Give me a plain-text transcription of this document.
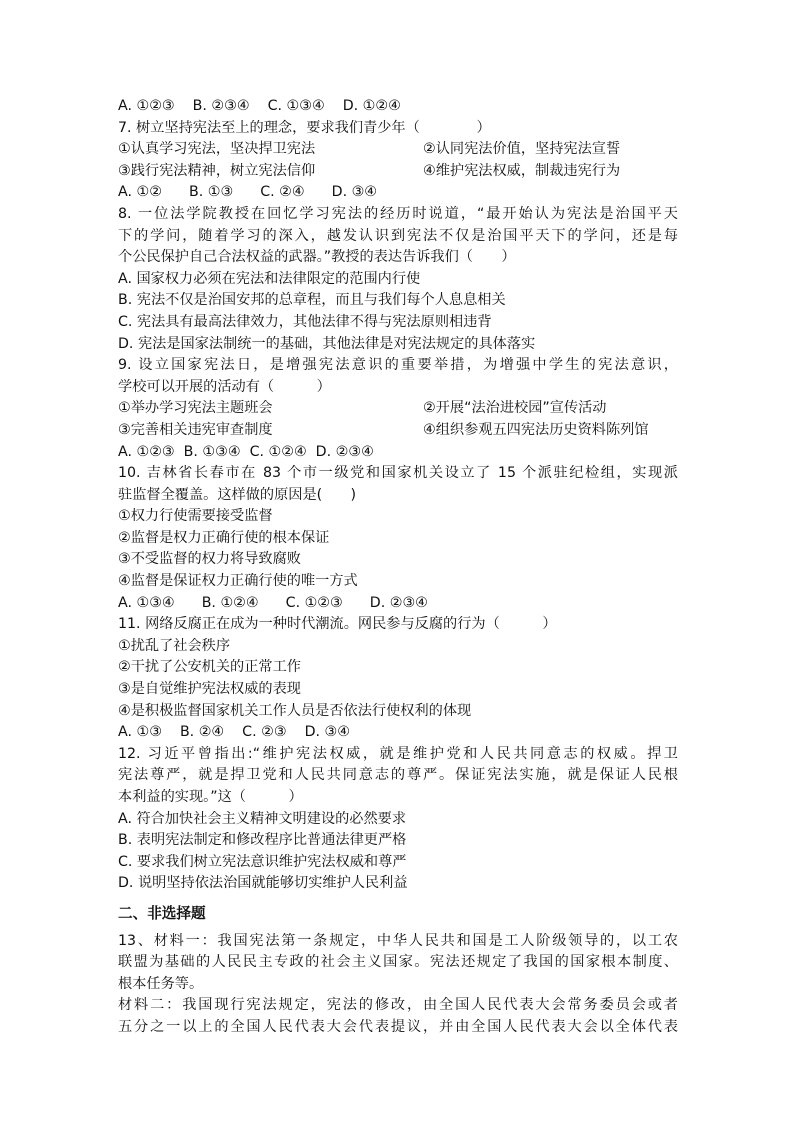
A. ①②③    B. ②③④    C. ①③④    D. ①②④
7. 树立坚持宪法至上的理念，要求我们青少年（　　　　）
①认真学习宪法，坚决捍卫宪法	②认同宪法价值，坚持宪法宣誓
③践行宪法精神，树立宪法信仰	④维护宪法权威，制裁违宪行为
A. ①②      B. ①③      C. ②④      D. ③④
8. 一位法学院教授在回忆学习宪法的经历时说道，“最开始认为宪法是治国平天
下的学问，随着学习的深入，越发认识到宪法不仅是治国平天下的学问，还是每
个公民保护自己合法权益的武器。”教授的表达告诉我们（　　）
A. 国家权力必须在宪法和法律限定的范围内行使
B. 宪法不仅是治国安邦的总章程，而且与我们每个人息息相关
C. 宪法具有最高法律效力，其他法律不得与宪法原则相违背
D. 宪法是国家法制统一的基础，其他法律是对宪法规定的具体落实
9. 设立国家宪法日，是增强宪法意识的重要举措，为增强中学生的宪法意识，
学校可以开展的活动有（　　　）
①举办学习宪法主题班会	②开展“法治进校园”宣传活动
③完善相关违宪审查制度	④组织参观五四宪法历史资料陈列馆
A. ①②③  B. ①③④  C. ①②④  D. ②③④
10. 吉林省长春市在 83 个市一级党和国家机关设立了 15 个派驻纪检组，实现派
驻监督全覆盖。这样做的原因是(　　)
①权力行使需要接受监督
②监督是权力正确行使的根本保证
③不受监督的权力将导致腐败
④监督是保证权力正确行使的唯一方式
A. ①③④      B. ①②④      C. ①②③      D. ②③④
11. 网络反腐正在成为一种时代潮流。网民参与反腐的行为（　　　）
①扰乱了社会秩序
②干扰了公安机关的正常工作
③是自觉维护宪法权威的表现
④是积极监督国家机关工作人员是否依法行使权利的体现
A. ①③    B. ②④    C. ②③    D. ③④
12. 习近平曾指出:“维护宪法权威，就是维护党和人民共同意志的权威。捍卫
宪法尊严，就是捍卫党和人民共同意志的尊严。保证宪法实施，就是保证人民根
本利益的实现。”这（　　　）
A. 符合加快社会主义精神文明建设的必然要求
B. 表明宪法制定和修改程序比普通法律更严格
C. 要求我们树立宪法意识维护宪法权威和尊严
D. 说明坚持依法治国就能够切实维护人民利益
二、非选择题
13、材料一：我国宪法第一条规定，中华人民共和国是工人阶级领导的，以工农
联盟为基础的人民民主专政的社会主义国家。宪法还规定了我国的国家根本制度、
根本任务等。
材料二：我国现行宪法规定，宪法的修改，由全国人民代表大会常务委员会或者
五分之一以上的全国人民代表大会代表提议，并由全国人民代表大会以全体代表
